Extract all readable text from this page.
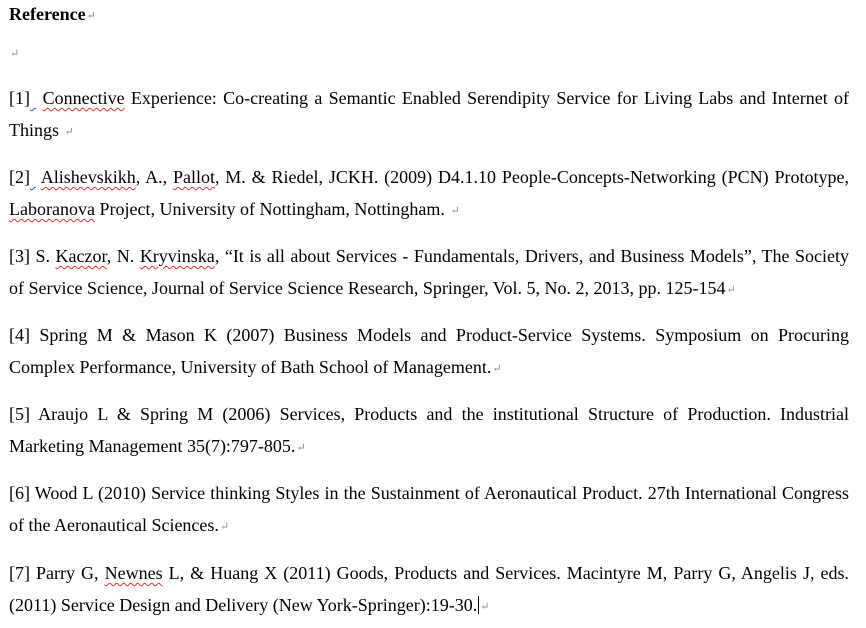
Reference↵
↵

[1] Connective Experience: Co-creating a Semantic Enabled Serendipity Service for Living Labs and Internet of Things ↵

[2] Alishevskikh, A., Pallot, M. & Riedel, JCKH. (2009) D4.1.10 People-Concepts-Networking (PCN) Prototype, Laboranova Project, University of Nottingham, Nottingham. ↵

[3] S. Kaczor, N. Kryvinska, “It is all about Services - Fundamentals, Drivers, and Business Models”, The Society of Service Science, Journal of Service Science Research, Springer, Vol. 5, No. 2, 2013, pp. 125-154↵

[4] Spring M & Mason K (2007) Business Models and Product-Service Systems. Symposium on Procuring Complex Performance, University of Bath School of Management.↵

[5] Araujo L & Spring M (2006) Services, Products and the institutional Structure of Production. Industrial Marketing Management 35(7):797-805.↵

[6] Wood L (2010) Service thinking Styles in the Sustainment of Aeronautical Product. 27th International Congress of the Aeronautical Sciences.↵

[7] Parry G, Newnes L, & Huang X (2011) Goods, Products and Services. Macintyre M, Parry G, Angelis J, eds. (2011) Service Design and Delivery (New York-Springer):19-30. ↵
